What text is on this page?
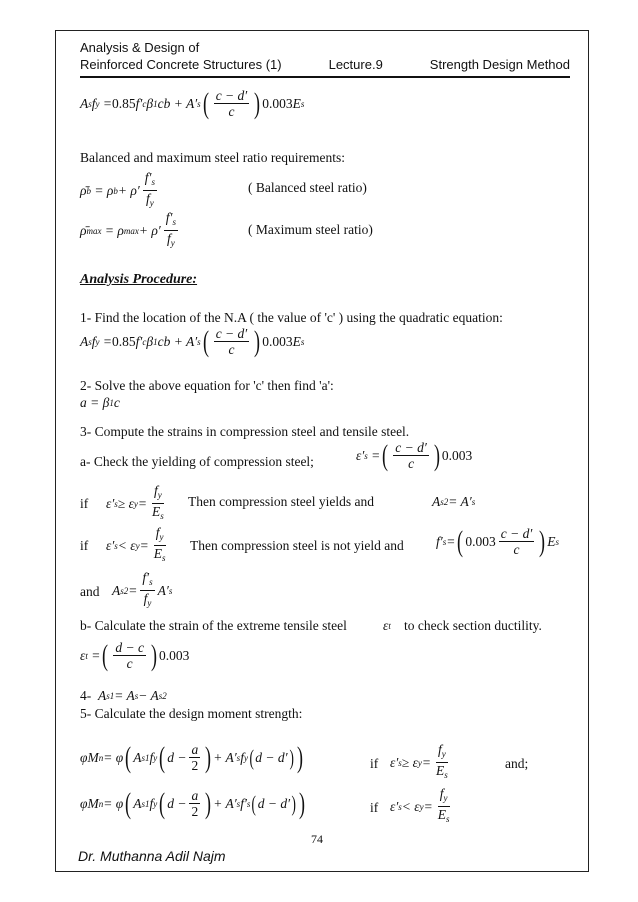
Analysis & Design of
Reinforced Concrete Structures (1)	Lecture.9	Strength Design Method
A s f y = 0.85 f′ c β 1 cb + A′ s ( $\frac{c - d'}{c}$ ) 0.003 E s
Balanced and maximum steel ratio requirements:
ρ̄ b = ρ $b + \rho' \frac{f'_s}{f_y}$	( Balanced steel ratio)
ρ̄ max = ρ $\max + \rho' \frac{f'_s}{f_y}$	( Maximum steel ratio)
Analysis Procedure:
1- Find the location of the N.A ( the value of 'c' ) using the quadratic equation:
A s f y = 0.85 f′ c β 1 cb + A′ s ( $\frac{c - d'}{c}$ ) 0.003 E s
2- Solve the above equation for 'c' then find 'a':
a = β 1 c
3- Compute the strains in compression steel and tensile steel.
a- Check the yielding of compression steel;	ε′ s = ( $\frac{c - d'}{c}$ ) 0.003
if ε′ s ≥ ε $y = \frac{f_y}{E_s}$ Then compression steel yields and	A s2 = A′ s
if ε′ s < ε $y = \frac{f_y}{E_s}$ Then compression steel is not yield and f′ s = ( $0.003 \frac{c - d'}{c}$ ) E s
and A $s2 = \frac{f'_s}{f_y} A'$ s
b- Calculate the strain of the extreme tensile steel	ε t to check section ductility.
ε t = ( $\frac{d - c}{c}$ ) 0.003
4- A s1 = A s − A s2
5- Calculate the design moment strength:
φM n = φ ( A s1 f y ( $d - \frac{a}{2}$ ) + A′ s f y ( d − d′ ) )	if ε′ s ≥ ε $y = \frac{f_y}{E_s}$	and;
φM n = φ ( A s1 f y ( $d - \frac{a}{2}$ ) + A′ s f′ s ( d − d′ ) )	if ε′ s < ε $y = \frac{f_y}{E_s}$
74
Dr. Muthanna Adil Najm
